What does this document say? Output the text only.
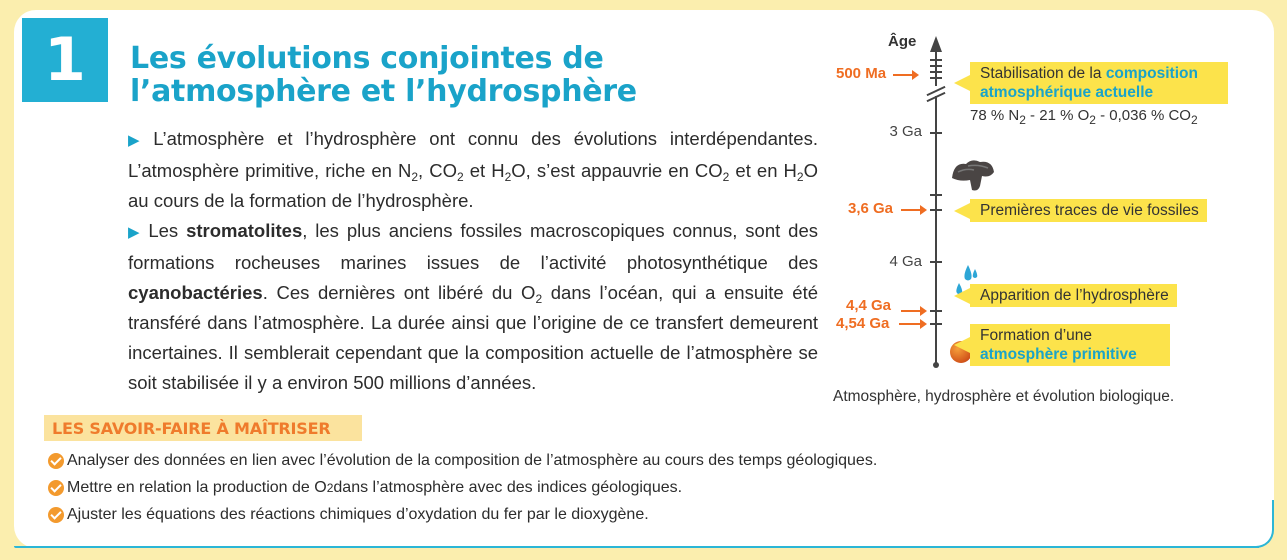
1 Les évolutions conjointes de l’atmosphère et l’hydrosphère

▶ L’atmosphère et l’hydrosphère ont connu des évolutions interdépendantes. L’atmosphère primitive, riche en $N_2$, $CO_2$ et $H_2O$, s’est appauvrie en $CO_2$ et en $H_2O$ au cours de la formation de l’hydrosphère.

▶ Les stromatolites, les plus anciens fossiles macroscopiques connus, sont des formations rocheuses marines issues de l’activité photosynthétique des cyanobactéries. Ces dernières ont libéré du $O_2$ dans l’océan, qui a ensuite été transféré dans l’atmosphère. La durée ainsi que l’origine de ce transfert demeurent incertaines. Il semblerait cependant que la composition actuelle de l’atmosphère se soit stabilisée il y a environ 500 millions d’années.

LES SAVOIR-FAIRE À MAÎTRISER
Analyser des données en lien avec l’évolution de la composition de l’atmosphère au cours des temps géologiques.
Mettre en relation la production de O 2 dans l’atmosphère avec des indices géologiques.
Ajuster les équations des réactions chimiques d’oxydation du fer par le dioxygène.
Âge
500 Ma
3 Ga
3,6 Ga
4 Ga
4,4 Ga
4,54 Ga
Stabilisation de la composition atmosphérique actuelle
78 % $N_2 - 21$ % $O_2 - 0,036$ % $CO_2$
Premières traces de vie fossiles
Apparition de l’hydrosphère
Formation d’une
atmosphère primitive
Atmosphère, hydrosphère et évolution biologique.
